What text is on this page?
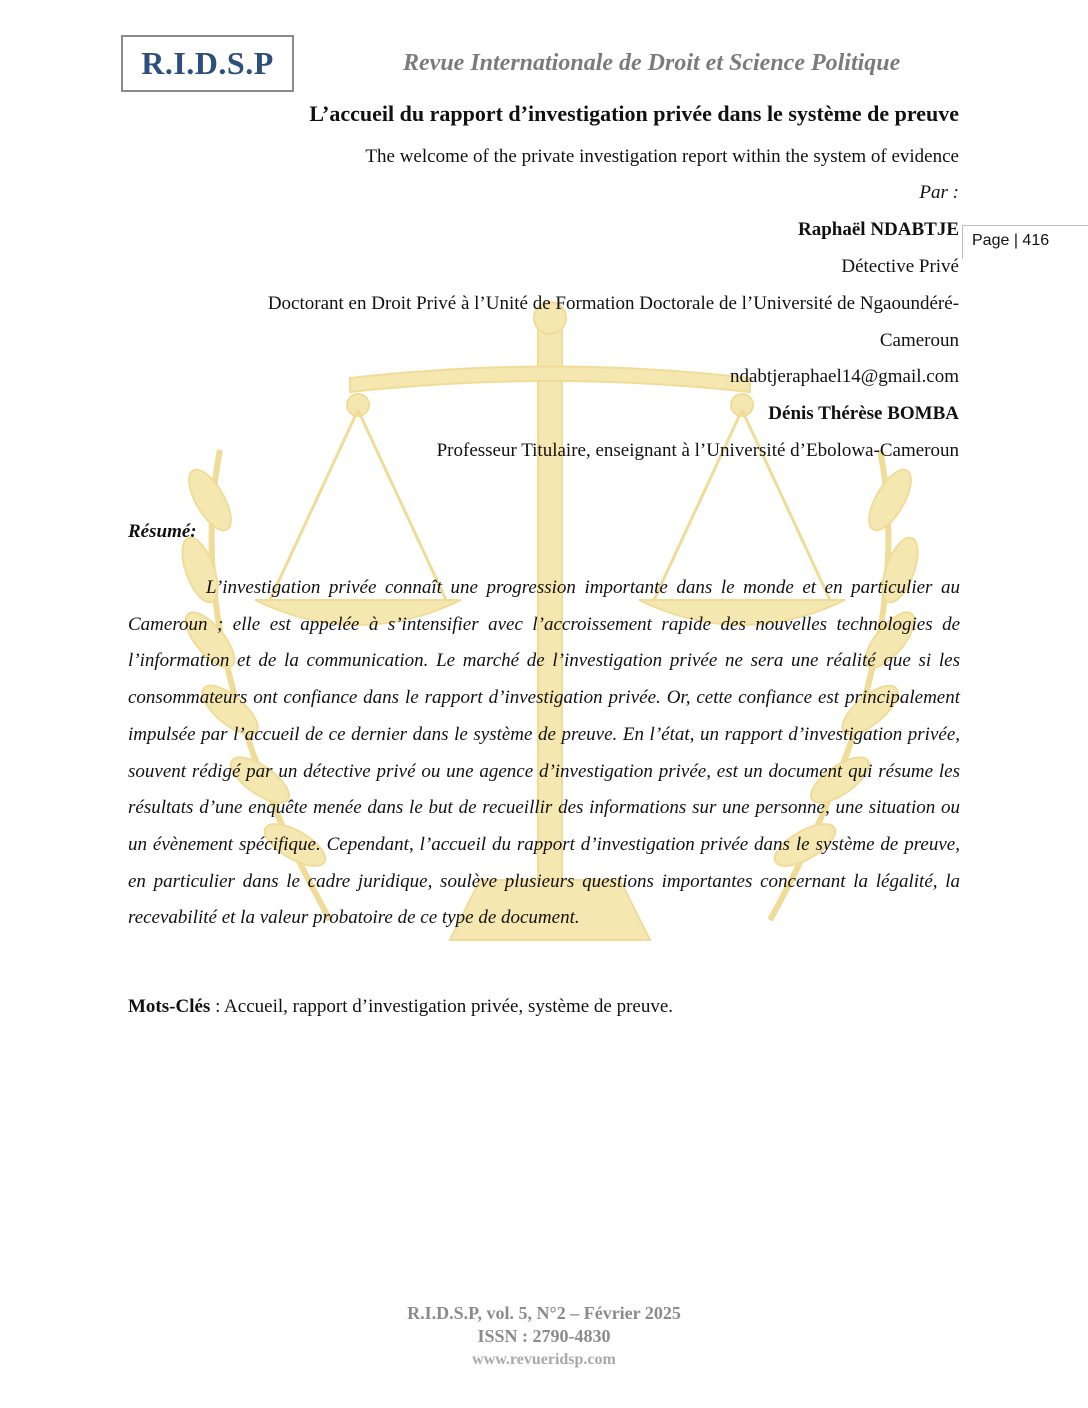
R.I.D.S.P	Revue Internationale de Droit et Science Politique
L’accueil du rapport d’investigation privée dans le système de preuve
The welcome of the private investigation report within the system of evidence
Par :
Raphaël NDABTJE
Détective Privé
Doctorant en Droit Privé à l’Unité de Formation Doctorale de l’Université de Ngaoundéré-
Cameroun
ndabtjeraphael14@gmail.com
Dénis Thérèse BOMBA
Professeur Titulaire, enseignant à l’Université d’Ebolowa-Cameroun
Page | 416
Résumé:

L’investigation privée connaît une progression importante dans le monde et en particulier au Cameroun ; elle est appelée à s’intensifier avec l’accroissement rapide des nouvelles technologies de l’information et de la communication. Le marché de l’investigation privée ne sera une réalité que si les consommateurs ont confiance dans le rapport d’investigation privée. Or, cette confiance est principalement impulsée par l’accueil de ce dernier dans le système de preuve. En l’état, un rapport d’investigation privée, souvent rédigé par un détective privé ou une agence d’investigation privée, est un document qui résume les résultats d’une enquête menée dans le but de recueillir des informations sur une personne, une situation ou un évènement spécifique. Cependant, l’accueil du rapport d’investigation privée dans le système de preuve, en particulier dans le cadre juridique, soulève plusieurs questions importantes concernant la légalité, la recevabilité et la valeur probatoire de ce type de document.

Mots-Clés : Accueil, rapport d’investigation privée, système de preuve.
R.I.D.S.P, vol. 5, N°2 – Février 2025
ISSN : 2790-4830
www.revueridsp.com
